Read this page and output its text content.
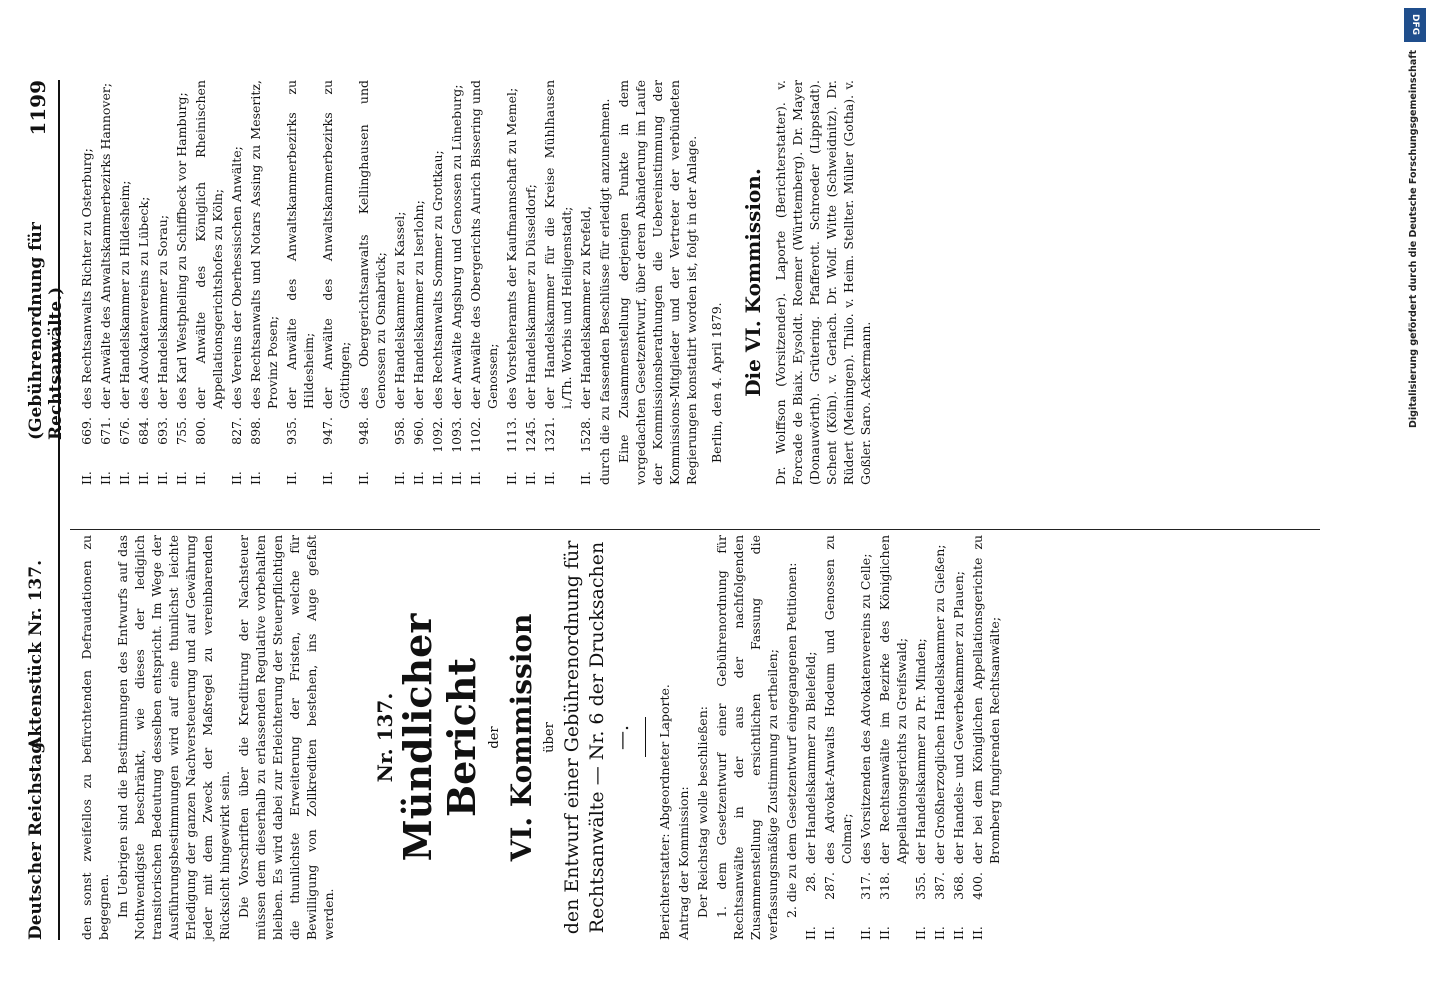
Deutscher Reichstag.
Aktenstück Nr. 137.
(Gebührenordnung für Rechtsanwälte.)
1199

den sonst zweifellos zu befürchtenden Defraudationen zu begegnen. Im Uebrigen sind die Bestimmungen des Entwurfs auf das Nothwendigste beschränkt, wie dieses der lediglich transitorischen Bedeutung desselben entspricht. Im Wege der Ausführungsbestimmungen wird auf eine thunlichst leichte Erledigung der ganzen Nachversteuerung und auf Gewährung jeder mit dem Zweck der Maßregel zu vereinbarenden Rücksicht hingewirkt sein. Die Vorschriften über die Kreditirung der Nachsteuer müssen dem dieserhalb zu erlassenden Regulative vorbehalten bleiben. Es wird dabei zur Erleichterung der Steuerpflichtigen die thunlichste Erweiterung der Fristen, welche für Bewilligung von Zollkrediten bestehen, ins Auge gefaßt werden.

Nr. 137.

Mündlicher Bericht der VI. Kommission über den Entwurf einer Gebührenordnung für Rechtsanwälte — Nr. 6 der Drucksachen —. Berichterstatter: Abgeordneter Laporte. Antrag der Kommission: Der Reichstag wolle beschließen: 1. dem Gesetzentwurf einer Gebührenordnung für Rechtsanwälte in der aus der nachfolgenden Zusammenstellung ersichtlichen Fassung die verfassungsmäßige Zustimmung zu ertheilen; 2. die zu dem Gesetzentwurf eingegangenen Petitionen:

II.
28.
der Handelskammer zu Bielefeld;
II.
287.
des Advokat-Anwalts Hodeum und Genossen zu Colmar;
II.
317.
des Vorsitzenden des Advokatenvereins zu Celle;
II.
318.
der Rechtsanwälte im Bezirke des Königlichen Appellationsgerichts zu Greifswald;
II.
355.
der Handelskammer zu Pr. Minden;
II.
387.
der Großherzoglichen Handelskammer zu Gießen;
II.
368.
der Handels- und Gewerbekammer zu Plauen;
II.
400.
der bei dem Königlichen Appellationsgerichte zu Bromberg fungirenden Rechtsanwälte;
II.
669.
des Rechtsanwalts Richter zu Osterburg;
II.
671.
der Anwälte des Anwaltskammerbezirks Hannover;
II.
676.
der Handelskammer zu Hildesheim;
II.
684.
des Advokatenvereins zu Lübeck;
II.
693.
der Handelskammer zu Sorau;
II.
755.
des Karl Westpheling zu Schiffbeck vor Hamburg;
II.
800.
der Anwälte des Königlich Rheinischen Appellationsgerichtshofes zu Köln;
II.
827.
des Vereins der Oberhessischen Anwälte;
II.
898.
des Rechtsanwalts und Notars Assing zu Meseritz, Provinz Posen;
II.
935.
der Anwälte des Anwaltskammerbezirks zu Hildesheim;
II.
947.
der Anwälte des Anwaltskammerbezirks zu Göttingen;
II.
948.
des Obergerichtsanwalts Kellinghausen und Genossen zu Osnabrück;
II.
958.
der Handelskammer zu Kassel;
II.
960.
der Handelskammer zu Iserlohn;
II.
1092.
des Rechtsanwalts Sommer zu Grottkau;
II.
1093.
der Anwälte Angsburg und Genossen zu Lüneburg;
II.
1102.
der Anwälte des Obergerichts Aurich Bissering und Genossen;
II.
1113.
des Vorsteheramts der Kaufmannschaft zu Memel;
II.
1245.
der Handelskammer zu Düsseldorf;
II.
1321.
der Handelskammer für die Kreise Mühlhausen i./Th. Worbis und Heiligenstadt;
II.
1528.
der Handelskammer zu Krefeld, durch die zu fassenden Beschlüsse für erledigt anzunehmen. Eine Zusammenstellung derjenigen Punkte in dem vorgedachten Gesetzentwurf, über deren Abänderung im Laufe der Kommissionsberathungen die Uebereinstimmung der Kommissions-Mitglieder und der Vertreter der verbündeten Regierungen konstatirt worden ist, folgt in der Anlage. Berlin, den 4. April 1879. Die VI. Kommission. Dr. Wolffson (Vorsitzender). Laporte (Berichterstatter). v. Forcade de Biaix. Eysoldt. Roemer (Württemberg). Dr. Mayer (Donauwörth). Grütering. Pfafferott. Schroeder (Lippstadt). Schent (Köln). v. Gerlach. Dr. Wolf. Witte (Schweidnitz). Dr. Rüdert (Meiningen). Thilo. v. Heim. Stellter. Müller (Gotha). v. Goßler. Saro. Ackermann.

DFG
Digitalisierung gefördert durch die Deutsche Forschungsgemeinschaft
